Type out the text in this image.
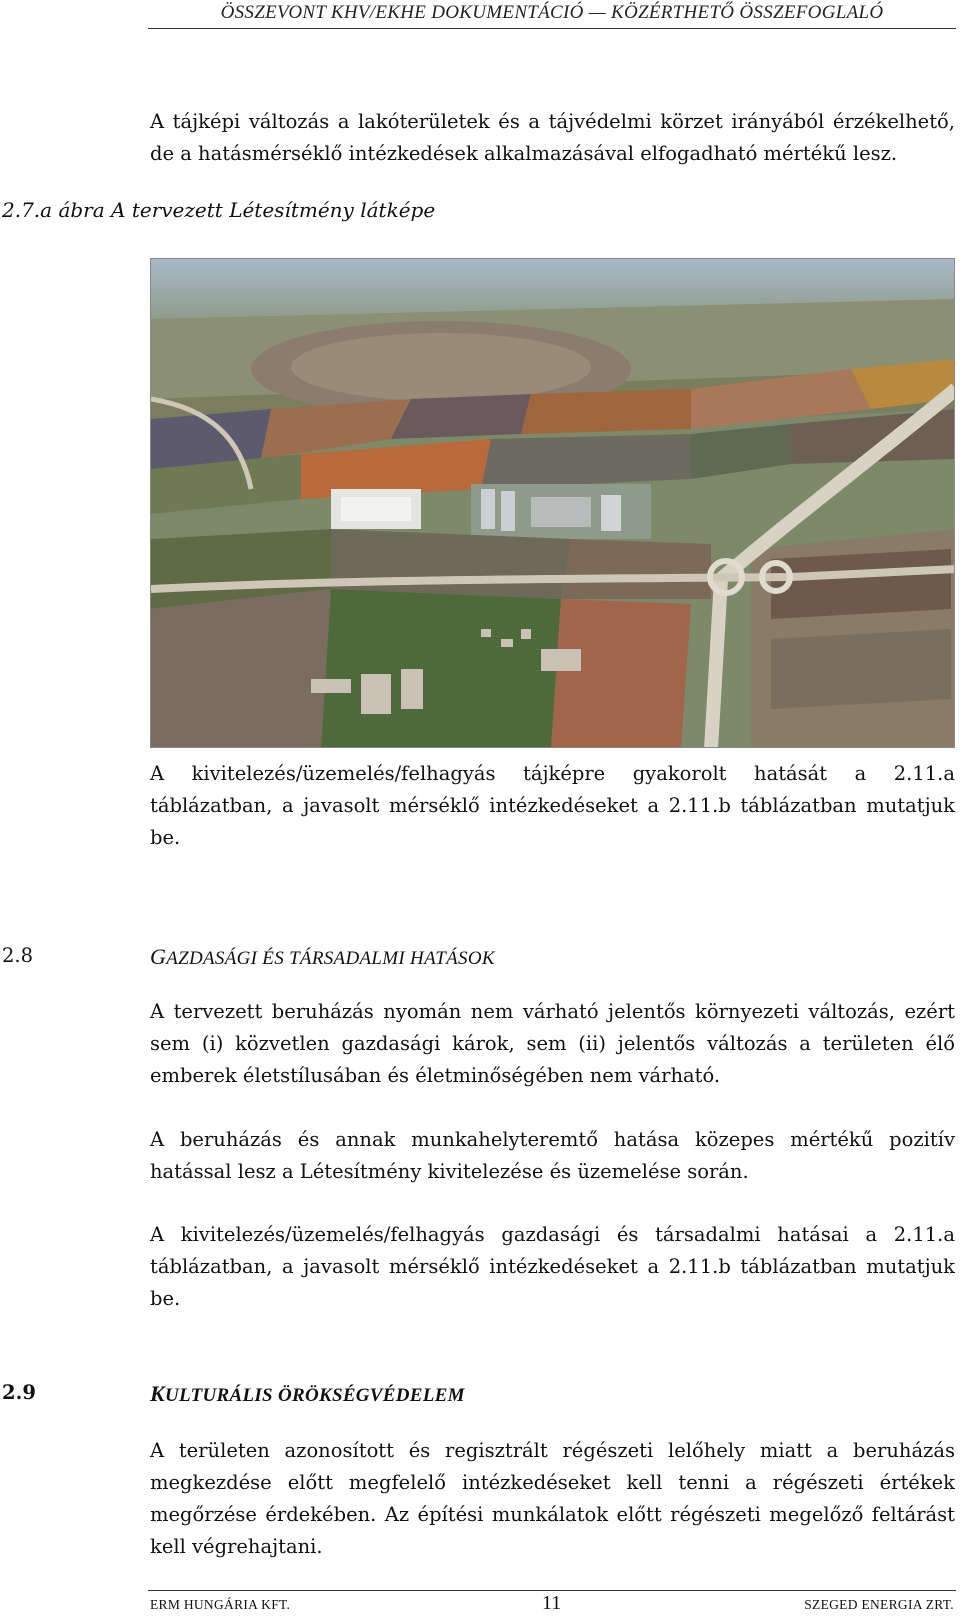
ÖSSZEVONT KHV/EKHE DOKUMENTÁCIÓ — KÖZÉRTHETŐ ÖSSZEFOGLALÓ

A tájképi változás a lakóterületek és a tájvédelmi körzet irányából érzékelhető, de a hatásmérséklő intézkedések alkalmazásával elfogadható mértékű lesz.

2.7.a ábra A tervezett Létesítmény látképe

A kivitelezés/üzemelés/felhagyás tájképre gyakorolt hatását a 2.11.a táblázatban, a javasolt mérséklő intézkedéseket a 2.11.b táblázatban mutatjuk be.

2.8	GAZDASÁGI ÉS TÁRSADALMI HATÁSOK

A tervezett beruházás nyomán nem várható jelentős környezeti változás, ezért sem (i) közvetlen gazdasági károk, sem (ii) jelentős változás a területen élő emberek életstílusában és életminőségében nem várható.

A beruházás és annak munkahelyteremtő hatása közepes mértékű pozitív hatással lesz a Létesítmény kivitelezése és üzemelése során.

A kivitelezés/üzemelés/felhagyás gazdasági és társadalmi hatásai a 2.11.a táblázatban, a javasolt mérséklő intézkedéseket a 2.11.b táblázatban mutatjuk be.

2.9	KULTURÁLIS ÖRÖKSÉGVÉDELEM

A területen azonosított és regisztrált régészeti lelőhely miatt a beruházás megkezdése előtt megfelelő intézkedéseket kell tenni a régészeti értékek megőrzése érdekében. Az építési munkálatok előtt régészeti megelőző feltárást kell végrehajtani.

ERM HUNGÁRIA KFT.	11	SZEGED ENERGIA ZRT.
